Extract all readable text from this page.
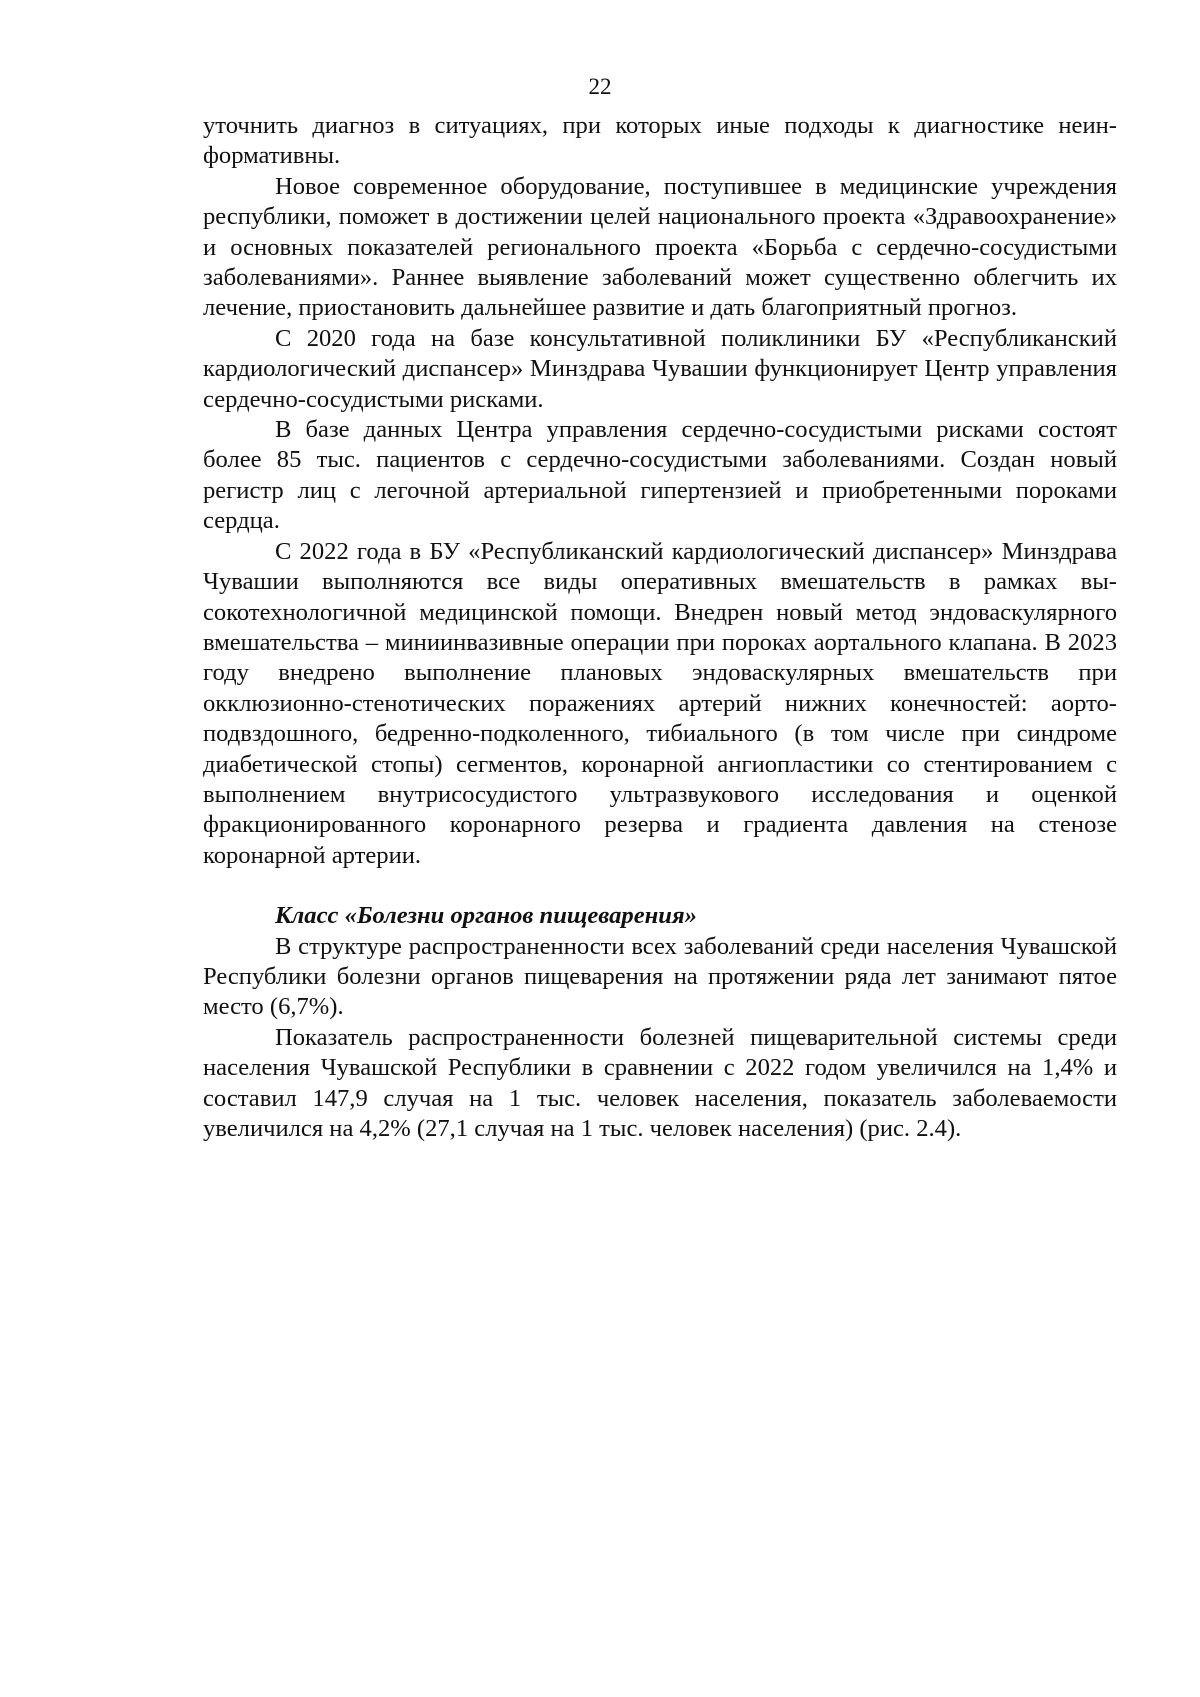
22

уточнить диагноз в ситуациях, при которых иные подходы к диагностике неинформативны.

Новое современное оборудование, поступившее в медицинские учреждения республики, поможет в достижении целей национального проекта «Здравоохранение» и основных показателей регионального проекта «Борьба с сердечно-сосудистыми заболеваниями». Раннее выявление заболеваний может существенно облегчить их лечение, приостановить дальнейшее развитие и дать благоприятный прогноз.

С 2020 года на базе консультативной поликлиники БУ «Республиканский кардиологический диспансер» Минздрава Чувашии функционирует Центр управления сердечно-сосудистыми рисками.

В базе данных Центра управления сердечно-сосудистыми рисками состоят более 85 тыс. пациентов с сердечно-сосудистыми заболеваниями. Создан новый регистр лиц с легочной артериальной гипертензией и приобретенными пороками сердца.

С 2022 года в БУ «Республиканский кардиологический диспансер» Минздрава Чувашии выполняются все виды оперативных вмешательств в рамках высокотехнологичной медицинской помощи. Внедрен новый метод эндоваскулярного вмешательства – миниинвазивные операции при пороках аортального клапана. В 2023 году внедрено выполнение плановых эндоваскулярных вмешательств при окклюзионно-стенотических поражениях артерий нижних конечностей: аорто-подвздошного, бедренно-подколенного, тибиального (в том числе при синдроме диабетической стопы) сегментов, коронарной ангиопластики со стентированием с выполнением внутрисосудистого ультразвукового исследования и оценкой фракционированного коронарного резерва и градиента давления на стенозе коронарной артерии.

Класс «Болезни органов пищеварения»

В структуре распространенности всех заболеваний среди населения Чувашской Республики болезни органов пищеварения на протяжении ряда лет занимают пятое место (6,7%).

Показатель распространенности болезней пищеварительной системы среди населения Чувашской Республики в сравнении с 2022 годом увеличился на 1,4% и составил 147,9 случая на 1 тыс. человек населения, показатель заболеваемости увеличился на 4,2% (27,1 случая на 1 тыс. человек населения) (рис. 2.4).
